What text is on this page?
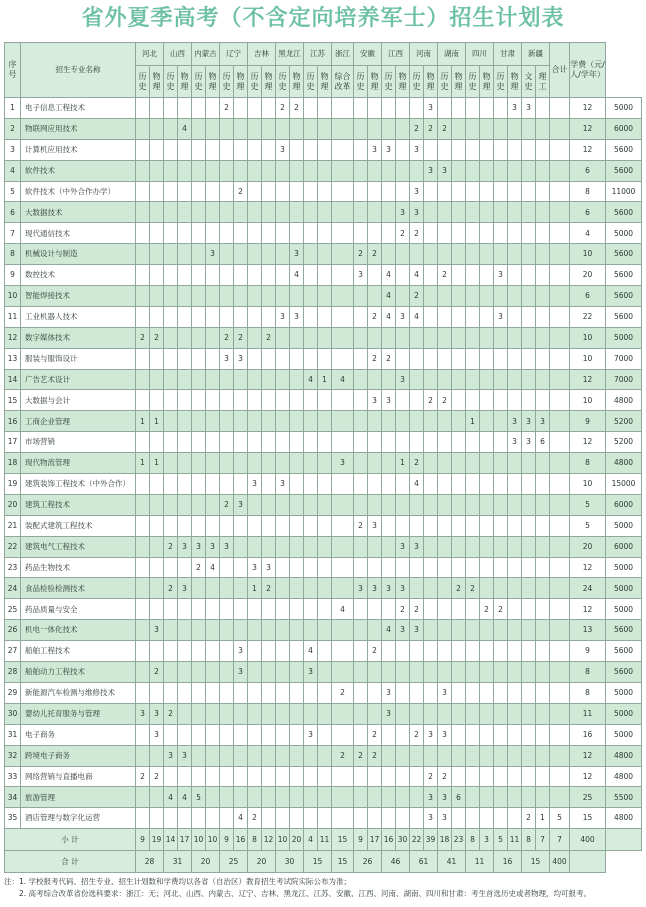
省外夏季高考（不含定向培养军士）招生计划表
序号	招生专业名称	河北		山西		内蒙古		辽宁		吉林		黑龙江		江苏		浙江	安徽		江西		河南		湖南		四川		甘肃		新疆		合计	学费（元/人/学年）	
		历史	物理	历史	物理	历史	物理	历史	物理	历史	物理	历史	物理	历史	物理	综合改革	历史	物理	历史	物理	历史	物理	历史	物理	历史	物理	历史	物理	文史	理工			
1	电子信息工程技术							2				2	2									3						3	3			12	5000
2	物联网应用技术				4																2	2	2									12	6000
3	计算机应用技术											3						3	3		3											12	5600
4	软件技术																					3	3									6	5600
5	软件技术（中外合作办学）								2												3											8	11000
6	大数据技术																			3	3											6	5600
7	现代通信技术																			2	2											4	5000
8	机械设计与制造						3						3				2	2														10	5600
9	数控技术												4				3		4		4		2				3					20	5600
10	智能焊接技术																		4		2											6	5600
11	工业机器人技术											3	3					2	4	3	4						3					22	5600
12	数字媒体技术	2	2					2	2		2																					10	5000
13	服装与服饰设计							3	3									2	2													10	7000
14	广告艺术设计													4	1	4				3												12	7000
15	大数据与会计																	3	3			2	2									10	4800
16	工商企业管理	1	1																						1			3	3	3		9	5200
17	市场营销																											3	3	6		12	5200
18	现代物流管理	1	1													3				1	2											8	4800
19	建筑装饰工程技术（中外合作）									3		3									4											10	15000
20	建筑工程技术							2	3																							5	6000
21	装配式建筑工程技术																2	3														5	5000
22	建筑电气工程技术			2	3	3	3	3												3	3											20	6000
23	药品生物技术					2	4			3	3																					12	5000
24	食品检验检测技术			2	3					1	2						3	3	3	3				2	2							24	5000
25	药品质量与安全															4				2	2					2	2					12	5000
26	机电一体化技术		3																4	3	3											13	5600
27	船舶工程技术								3					4				2														9	5600
28	船舶动力工程技术		2						3					3																		8	5600
29	新能源汽车检测与维修技术															2			3				3									8	5000
30	婴幼儿托育服务与管理	3	3	2															3													11	5000
31	电子商务		3											3				2			2	3	3									16	5000
32	跨境电子商务			3	3											2	2	2														12	4800
33	网络营销与直播电商	2	2																			2	2									12	4800
34	旅游管理			4	4	5																3	3	6								25	5500
35	酒店管理与数字化运营								4	2												3	3						2	1	5	15	4800
小 计		9	19	14	17	10	10	9	16	8	12	10	20	4	11	15	9	17	16	30	22	39	18	23	8	3	5	11	8	7	7	400	
合 计		28		31		20		25		20		30		15		15	26		46		61		41		11		16		15		400		
注：1. 学校报考代码、招生专业、招生计划数和学费均以各省（自治区）教育招生考试院实际公布为准；
2. 高考综合改革省份选科要求：浙江：无；河北、山西、内蒙古、辽宁、吉林、黑龙江、江苏、安徽、江西、河南、湖南、四川和甘肃：考生首选历史或者物理，均可报考。
